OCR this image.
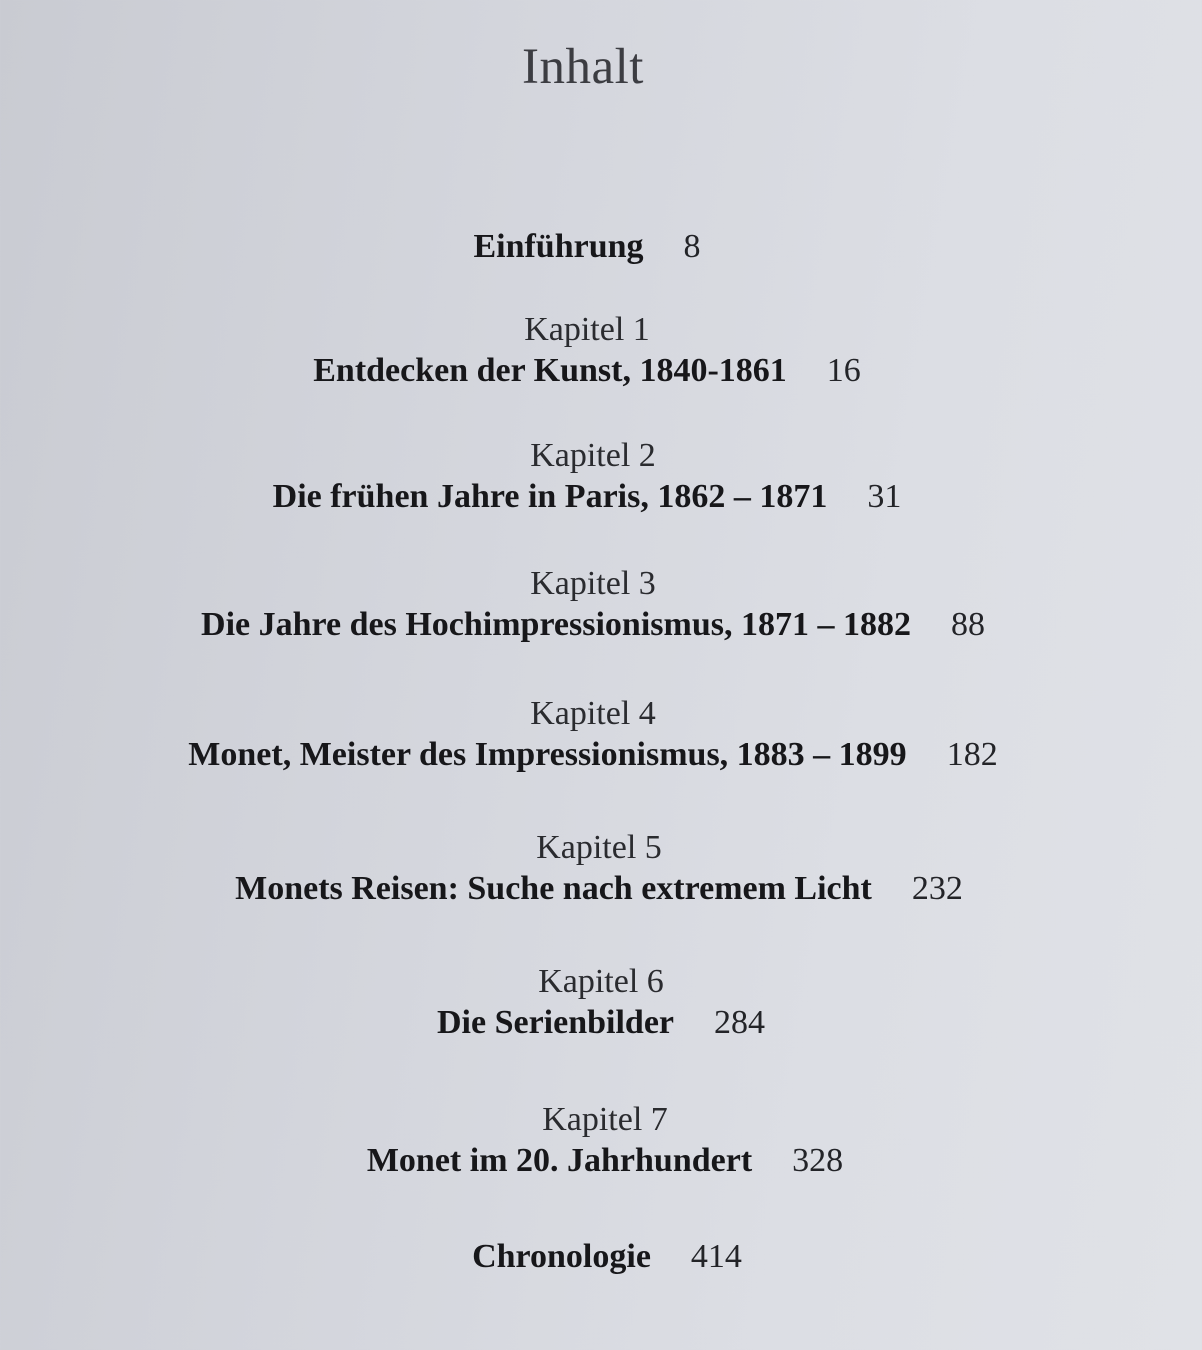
Inhalt
Einführung 8
Kapitel 1
Entdecken der Kunst, 1840-1861 16
Kapitel 2
Die frühen Jahre in Paris, 1862 – 1871 31
Kapitel 3
Die Jahre des Hochimpressionismus, 1871 – 1882 88
Kapitel 4
Monet, Meister des Impressionismus, 1883 – 1899 182
Kapitel 5
Monets Reisen: Suche nach extremem Licht 232
Kapitel 6
Die Serienbilder 284
Kapitel 7
Monet im 20. Jahrhundert 328
Chronologie 414
